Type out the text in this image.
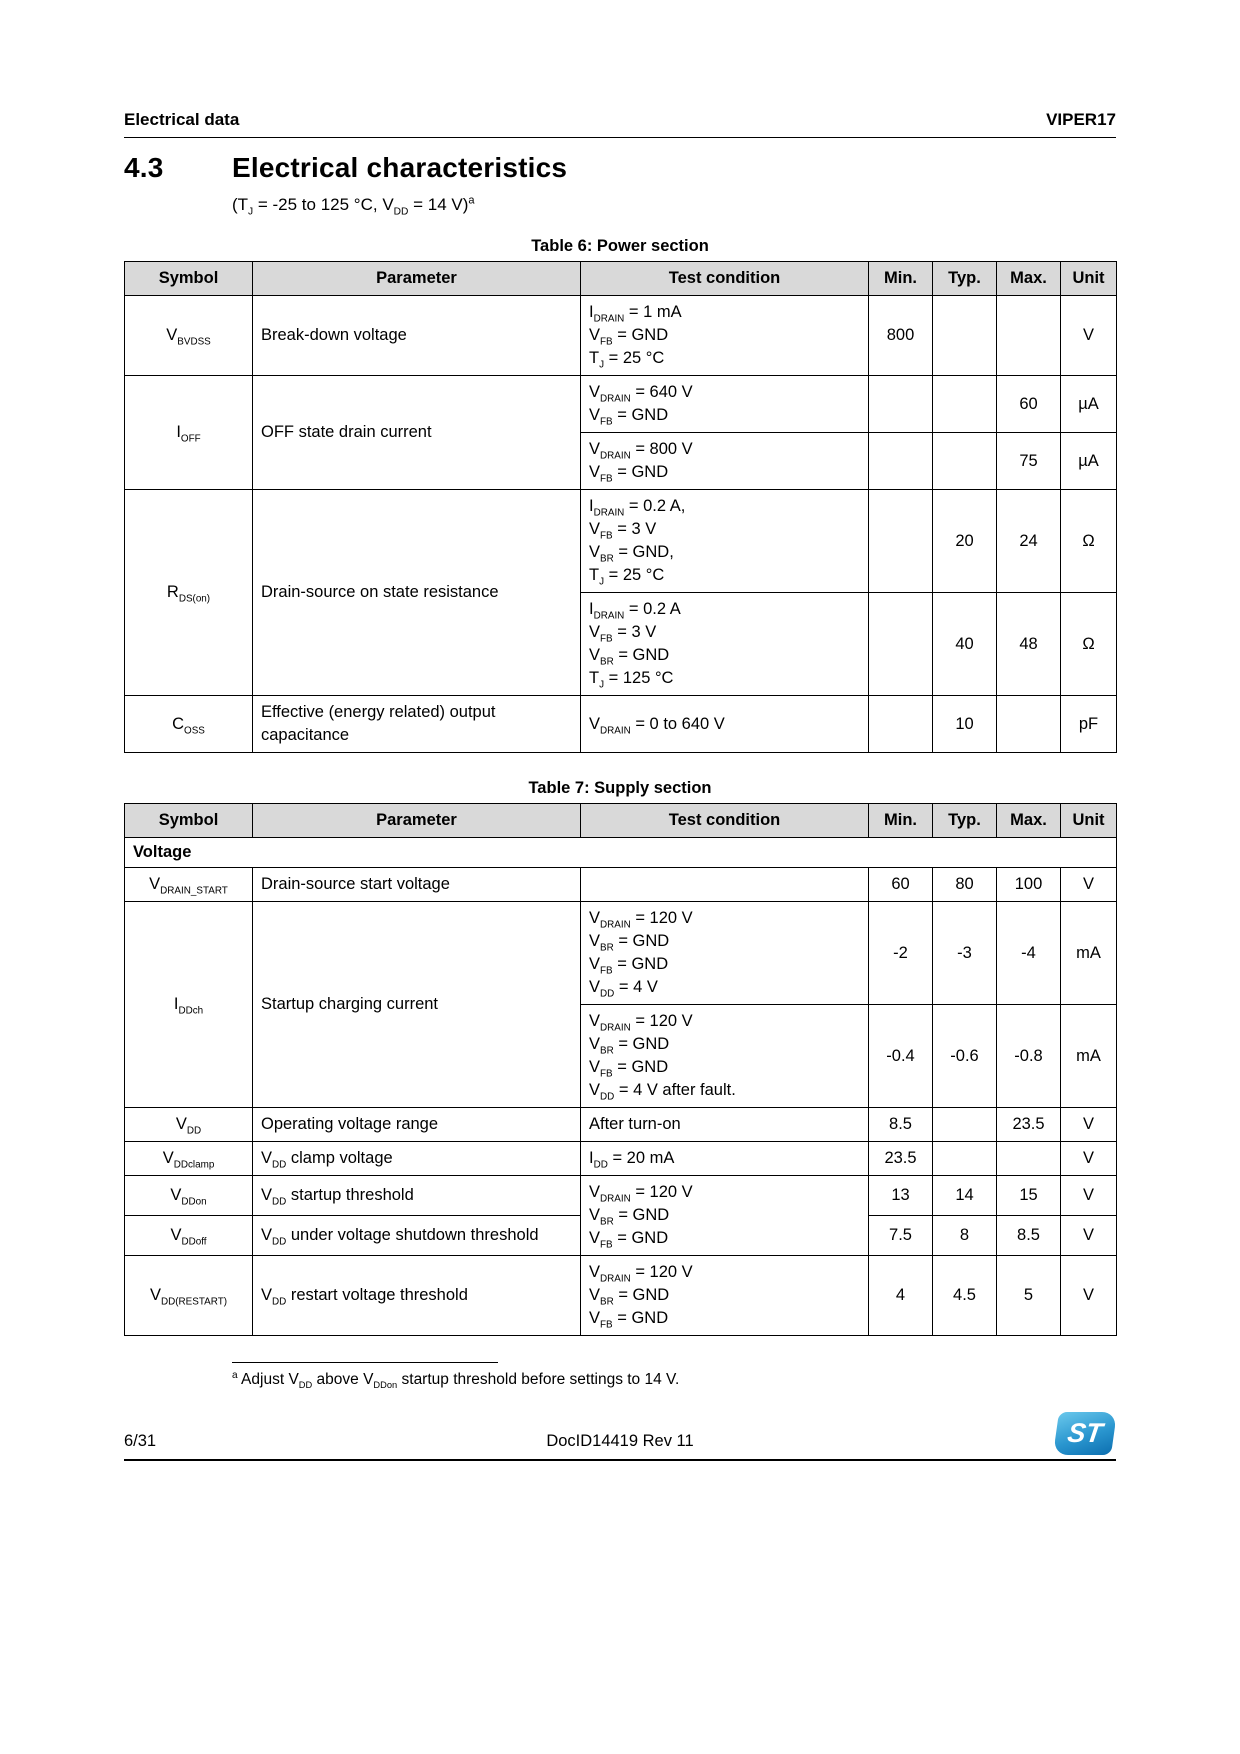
Electrical data	VIPER17
4.3	Electrical characteristics
($T_J = -25$ to 125 °C, $V_{DD} = 14$ V)$^a$
Table 6: Power section
Symbol	Parameter	Test condition	Min.	Typ.	Max.	Unit
$V_{BVDSS}$	Break-down voltage	$I_{DRAIN} = 1$ mA
$V_{FB}$ = GND
$T_J = 25$ °C	800			V
$I_{OFF}$	OFF state drain current	$V_{DRAIN} = 640$ V
$V_{FB}$ = GND			60	µA
		$V_{DRAIN} = 800$ V
$V_{FB}$ = GND			75	µA
$R_{DS(on)}$	Drain-source on state resistance	$I_{DRAIN} = 0.2$ A,
$V_{FB} = 3$ V
$V_{BR}$ = GND,
$T_J = 25$ °C		20	24	Ω
		$I_{DRAIN} = 0.2$ A
$V_{FB} = 3$ V
$V_{BR}$ = GND
$T_J = 125$ °C		40	48	Ω
$C_{OSS}$	Effective (energy related) output capacitance	$V_{DRAIN} = 0$ to 640 V		10		pF
Table 7: Supply section
Symbol	Parameter	Test condition	Min.	Typ.	Max.	Unit
Voltage						
$V_{DRAIN\_START}$	Drain-source start voltage		60	80	100	V
$I_{DDch}$	Startup charging current	$V_{DRAIN} = 120$ V
$V_{BR}$ = GND
$V_{FB}$ = GND
$V_{DD} = 4$ V	-2	-3	-4	mA
		$V_{DRAIN} = 120$ V
$V_{BR}$ = GND
$V_{FB}$ = GND
$V_{DD} = 4$ V after fault.	-0.4	-0.6	-0.8	mA
$V_{DD}$	Operating voltage range	After turn-on	8.5		23.5	V
$V_{DDclamp}$	$V_{DD}$ clamp voltage	$I_{DD} = 20$ mA	23.5			V
$V_{DDon}$	$V_{DD}$ startup threshold	$V_{DRAIN} = 120$ V
$V_{BR}$ = GND
$V_{FB}$ = GND	13	14	15	V
$V_{DDoff}$	$V_{DD}$ under voltage shutdown threshold		7.5	8	8.5	V
$V_{DD(RESTART)}$	$V_{DD}$ restart voltage threshold	$V_{DRAIN} = 120$ V
$V_{BR}$ = GND
$V_{FB}$ = GND	4	4.5	5	V
$^a$ Adjust $V_{DD}$ above $V_{DDon}$ startup threshold before settings to 14 V.
6/31	DocID14419 Rev 11	ST
